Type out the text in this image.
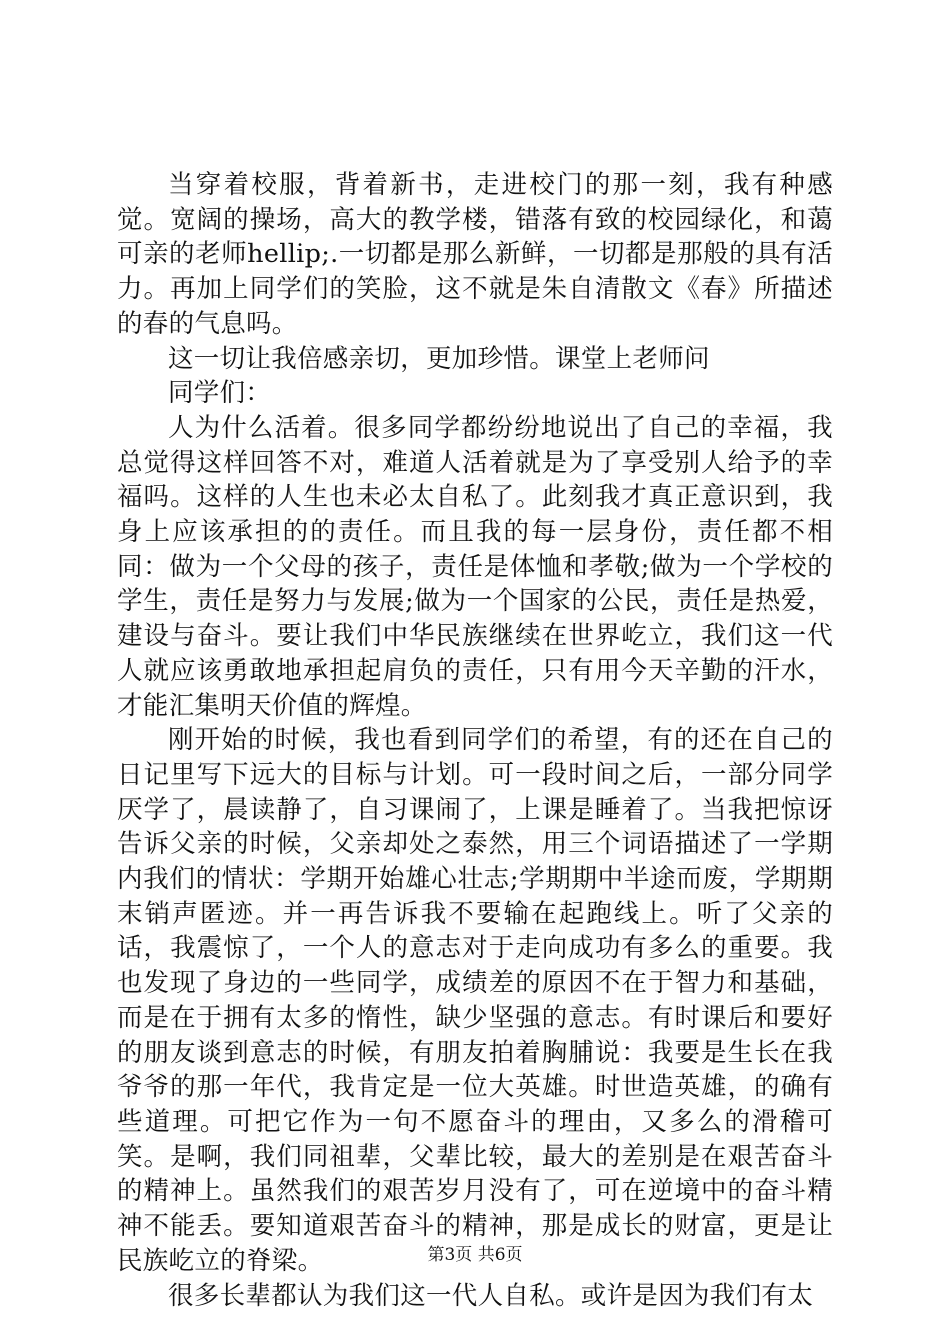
当穿着校服，背着新书，走进校门的那一刻，我有种感觉。宽阔的操场，高大的教学楼，错落有致的校园绿化，和蔼可亲的老师hellip;.一切都是那么新鲜，一切都是那般的具有活力。再加上同学们的笑脸，这不就是朱自清散文《春》所描述的春的气息吗。

这一切让我倍感亲切，更加珍惜。课堂上老师问

同学们：

人为什么活着。很多同学都纷纷地说出了自己的幸福，我总觉得这样回答不对，难道人活着就是为了享受别人给予的幸福吗。这样的人生也未必太自私了。此刻我才真正意识到，我身上应该承担的的责任。而且我的每一层身份，责任都不相同：做为一个父母的孩子，责任是体恤和孝敬;做为一个学校的学生，责任是努力与发展;做为一个国家的公民，责任是热爱，建设与奋斗。要让我们中华民族继续在世界屹立，我们这一代人就应该勇敢地承担起肩负的责任，只有用今天辛勤的汗水，才能汇集明天价值的辉煌。

刚开始的时候，我也看到同学们的希望，有的还在自己的日记里写下远大的目标与计划。可一段时间之后，一部分同学厌学了，晨读静了，自习课闹了，上课是睡着了。当我把惊讶告诉父亲的时候，父亲却处之泰然，用三个词语描述了一学期内我们的情状：学期开始雄心壮志;学期期中半途而废，学期期末销声匿迹。并一再告诉我不要输在起跑线上。听了父亲的话，我震惊了，一个人的意志对于走向成功有多么的重要。我也发现了身边的一些同学，成绩差的原因不在于智力和基础，而是在于拥有太多的惰性，缺少坚强的意志。有时课后和要好的朋友谈到意志的时候，有朋友拍着胸脯说：我要是生长在我爷爷的那一年代，我肯定是一位大英雄。时世造英雄，的确有些道理。可把它作为一句不愿奋斗的理由，又多么的滑稽可笑。是啊，我们同祖辈，父辈比较，最大的差别是在艰苦奋斗的精神上。虽然我们的艰苦岁月没有了，可在逆境中的奋斗精神不能丢。要知道艰苦奋斗的精神，那是成长的财富，更是让民族屹立的脊梁。

很多长辈都认为我们这一代人自私。或许是因为我们有太

第3页 共6页
